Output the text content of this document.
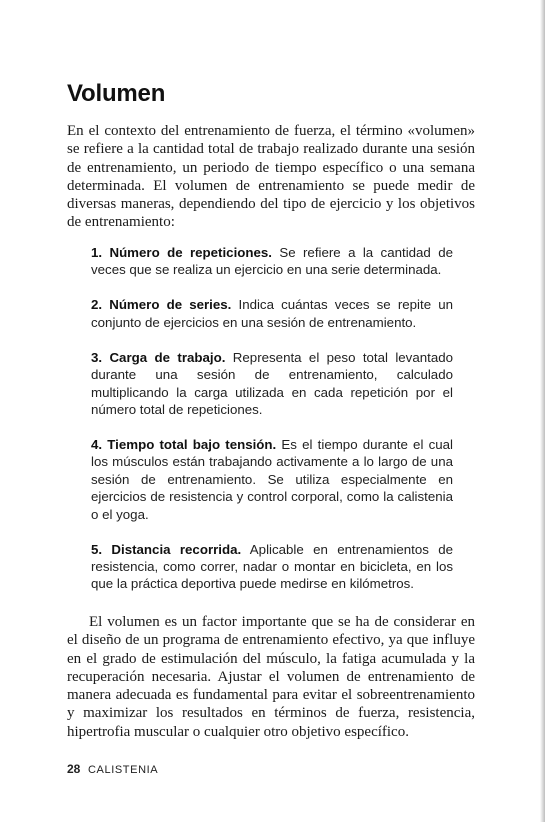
Volumen

En el contexto del entrenamiento de fuerza, el término «volumen» se refiere a la cantidad total de trabajo realizado durante una sesión de entrenamiento, un periodo de tiempo específico o una semana determinada. El volumen de entrenamiento se puede medir de diversas maneras, dependiendo del tipo de ejercicio y los objetivos de entrenamiento:

1. Número de repeticiones. Se refiere a la cantidad de veces que se realiza un ejercicio en una serie determinada.
2. Número de series. Indica cuántas veces se repite un conjunto de ejercicios en una sesión de entrenamiento.
3. Carga de trabajo. Representa el peso total levantado durante una sesión de entrenamiento, calculado multiplicando la carga utilizada en cada repetición por el número total de repeticiones.
4. Tiempo total bajo tensión. Es el tiempo durante el cual los músculos están trabajando activamente a lo largo de una sesión de entrenamiento. Se utiliza especialmente en ejercicios de resistencia y control corporal, como la calistenia o el yoga.
5. Distancia recorrida. Aplicable en entrenamientos de resistencia, como correr, nadar o montar en bicicleta, en los que la práctica deportiva puede medirse en kilómetros.

El volumen es un factor importante que se ha de considerar en el diseño de un programa de entrenamiento efectivo, ya que influye en el grado de estimulación del músculo, la fatiga acumulada y la recuperación necesaria. Ajustar el volumen de entrenamiento de manera adecuada es fundamental para evitar el sobreentrenamiento y maximizar los resultados en términos de fuerza, resistencia, hipertrofia muscular o cualquier otro objetivo específico.

28 CALISTENIA
